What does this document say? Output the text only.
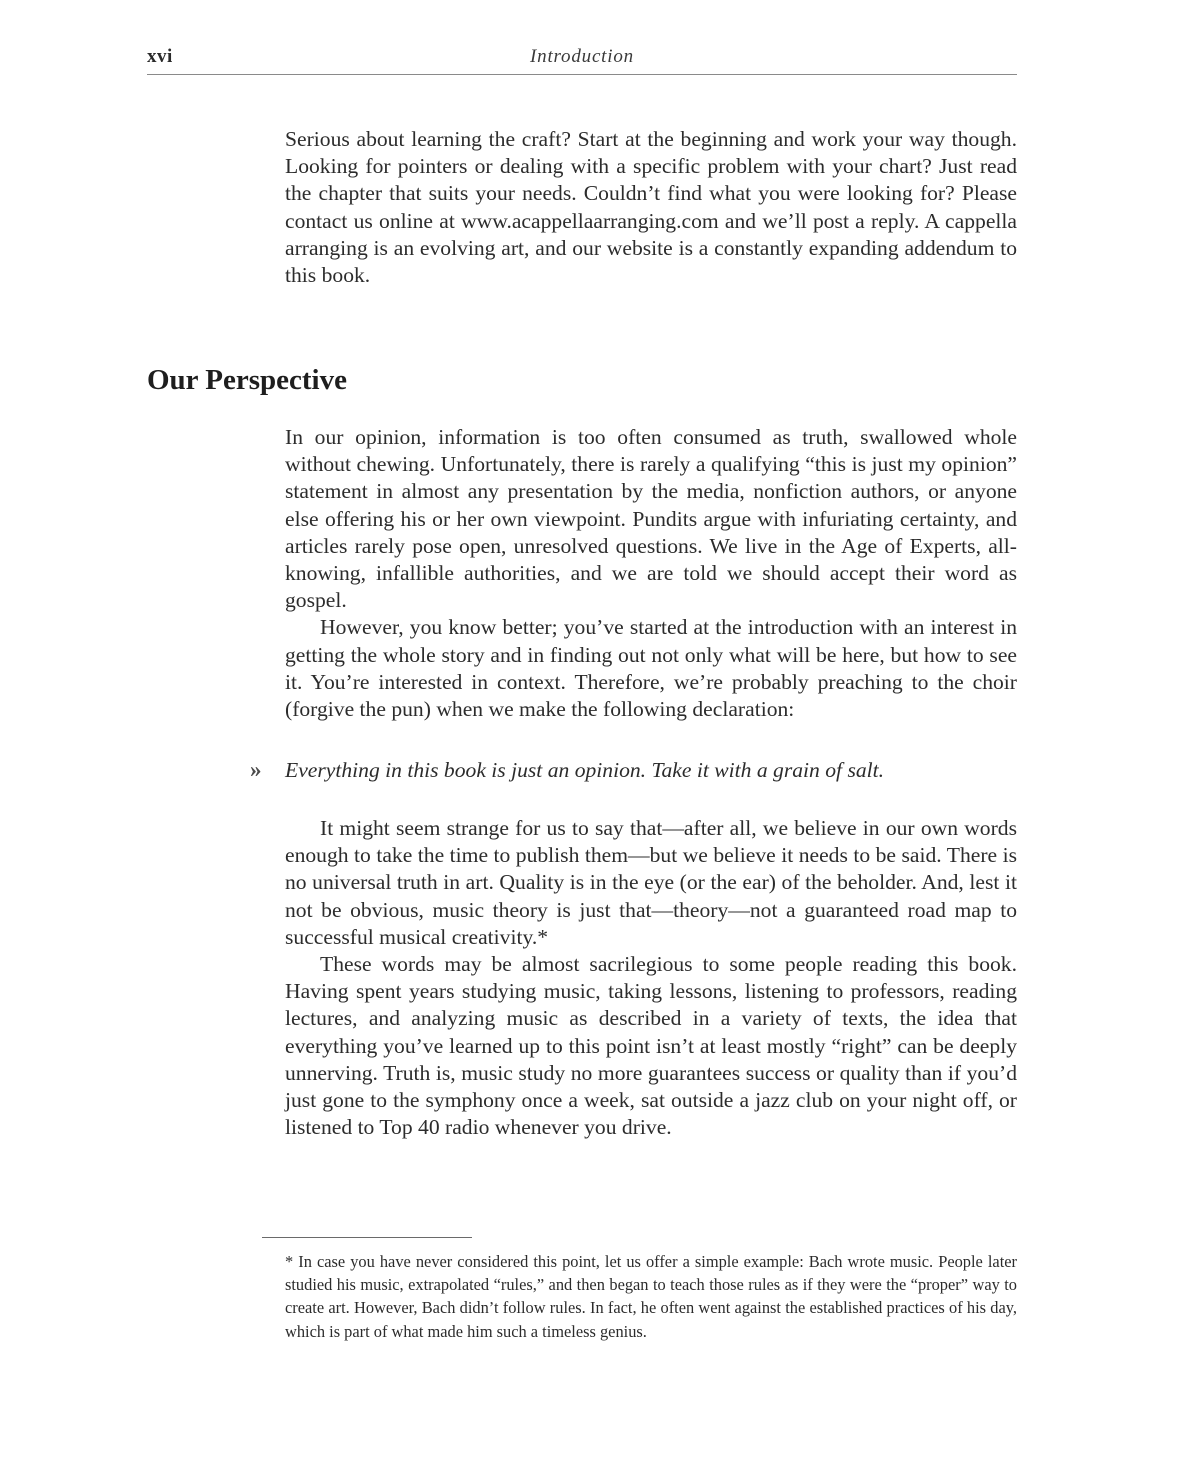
xvi	Introduction

Serious about learning the craft? Start at the beginning and work your way though. Looking for pointers or dealing with a specific problem with your chart? Just read the chapter that suits your needs. Couldn’t find what you were looking for? Please contact us online at www.acappellaarranging.com and we’ll post a reply. A cappella arranging is an evolving art, and our website is a constantly expanding addendum to this book.

Our Perspective

In our opinion, information is too often consumed as truth, swallowed whole without chewing. Unfortunately, there is rarely a qualifying “this is just my opinion” statement in almost any presentation by the media, nonfiction authors, or anyone else offering his or her own viewpoint. Pundits argue with infuriating certainty, and articles rarely pose open, unresolved questions. We live in the Age of Experts, all-knowing, infallible authorities, and we are told we should accept their word as gospel.

However, you know better; you’ve started at the introduction with an interest in getting the whole story and in finding out not only what will be here, but how to see it. You’re interested in context. Therefore, we’re probably preaching to the choir (forgive the pun) when we make the following declaration:

» Everything in this book is just an opinion. Take it with a grain of salt.

It might seem strange for us to say that—after all, we believe in our own words enough to take the time to publish them—but we believe it needs to be said. There is no universal truth in art. Quality is in the eye (or the ear) of the beholder. And, lest it not be obvious, music theory is just that—theory—not a guaranteed road map to successful musical creativity.*

These words may be almost sacrilegious to some people reading this book. Having spent years studying music, taking lessons, listening to professors, reading lectures, and analyzing music as described in a variety of texts, the idea that everything you’ve learned up to this point isn’t at least mostly “right” can be deeply unnerving. Truth is, music study no more guarantees success or quality than if you’d just gone to the symphony once a week, sat outside a jazz club on your night off, or listened to Top 40 radio whenever you drive.

* In case you have never considered this point, let us offer a simple example: Bach wrote music. People later studied his music, extrapolated “rules,” and then began to teach those rules as if they were the “proper” way to create art. However, Bach didn’t follow rules. In fact, he often went against the established practices of his day, which is part of what made him such a timeless genius.
